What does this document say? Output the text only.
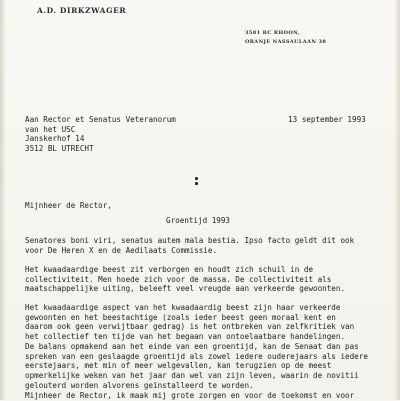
A.D. DIRKZWAGER
3581 BC RHOON,
ORANJE NASSAULAAN 38
Aan Rector et Senatus Veteranorum
van het USC
Janskerhof 14
3512 BL UTRECHT
13 september 1993
Mijnheer de Rector,
Groentijd 1993
Senatores boni viri, senatus autem mala bestia. Ipso facto geldt dit ook
voor De Heren X en de Aedilaats Commissie.
Het kwaadaardige beest zit verborgen en houdt zich schuil in de
collectiviteit. Men hoede zich voor de massa. De collectiviteit als
maatschappelijke uiting, beleeft veel vreugde aan verkeerde gewoonten.
Het kwaadaardige aspect van het kwaadaardig beest zijn haar verkeerde
gewoonten en het beestachtige (zoals ieder beest geen moraal kent en
daarom ook geen verwijtbaar gedrag) is het ontbreken van zelfkritiek van
het collectief ten tijde van het begaan van ontoelaatbare handelingen.
De balans opmakend aan het einde van een groentijd, kan de Senaat dan pas
spreken van een geslaagde groentijd als zowel iedere ouderejaars als iedere
eerstejaars, met min of meer welgevallen, kan terugzien op de meest
opmerkelijke weken van het jaar dan wel van zijn leven, waarin de novitii
gelouterd worden alvorens geïnstalleerd te worden.
Mijnheer de Rector, ik maak mij grote zorgen en voor de toekomst en voor
